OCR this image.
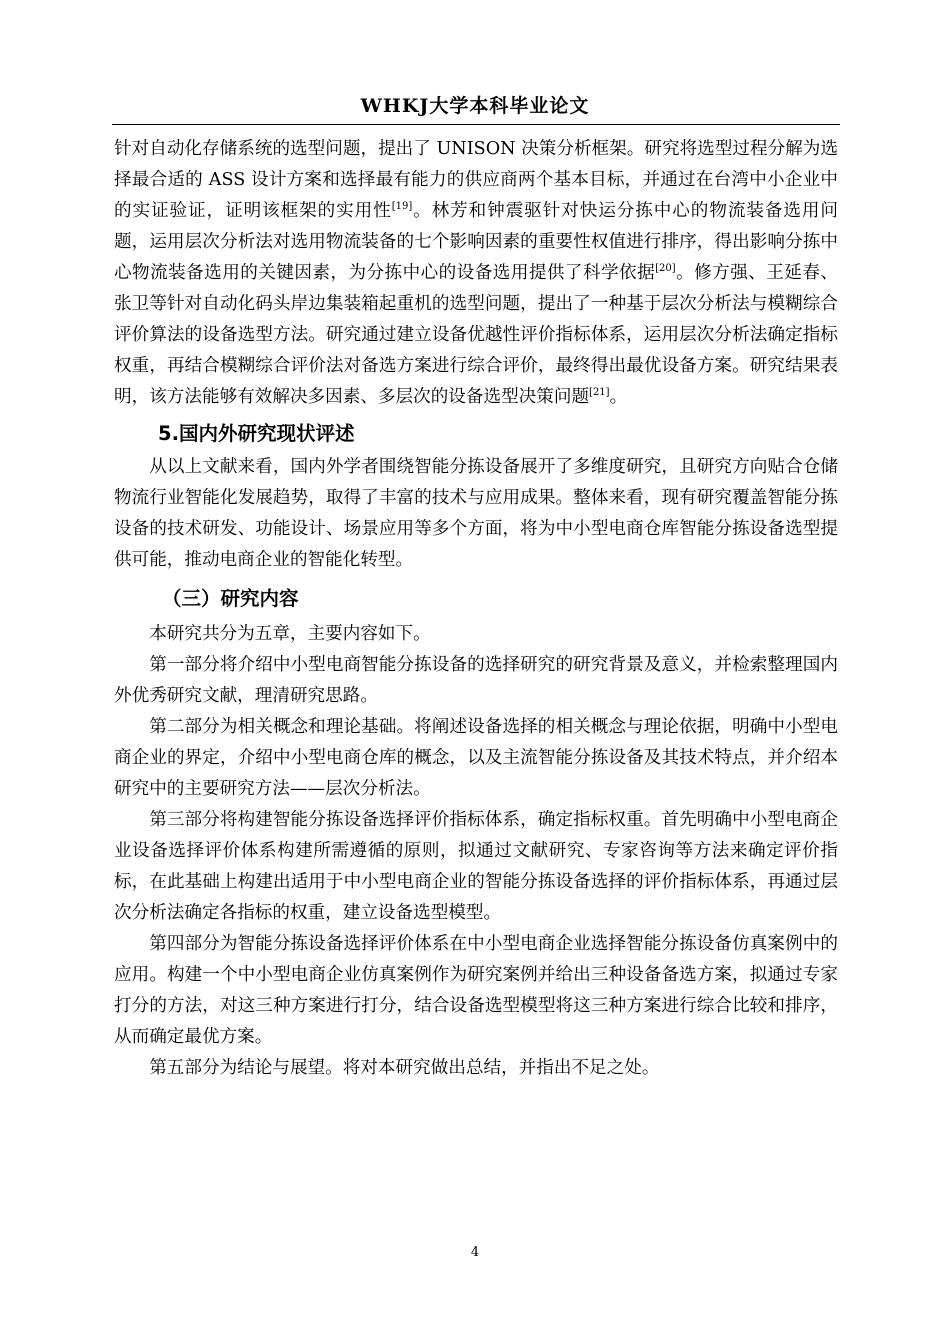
WHKJ大学本科毕业论文

针对自动化存储系统的选型问题，提出了 UNISON 决策分析框架。研究将选型过程分解为选择最合适的 ASS 设计方案和选择最有能力的供应商两个基本目标，并通过在台湾中小企业中的实证验证，证明该框架的实用性[19]。林芳和钟震驱针对快运分拣中心的物流装备选用问题，运用层次分析法对选用物流装备的七个影响因素的重要性权值进行排序，得出影响分拣中心物流装备选用的关键因素，为分拣中心的设备选用提供了科学依据[20]。修方强、王延春、张卫等针对自动化码头岸边集装箱起重机的选型问题，提出了一种基于层次分析法与模糊综合评价算法的设备选型方法。研究通过建立设备优越性评价指标体系，运用层次分析法确定指标权重，再结合模糊综合评价法对备选方案进行综合评价，最终得出最优设备方案。研究结果表明，该方法能够有效解决多因素、多层次的设备选型决策问题[21]。

5.国内外研究现状评述

从以上文献来看，国内外学者围绕智能分拣设备展开了多维度研究，且研究方向贴合仓储物流行业智能化发展趋势，取得了丰富的技术与应用成果。整体来看，现有研究覆盖智能分拣设备的技术研发、功能设计、场景应用等多个方面，将为中小型电商仓库智能分拣设备选型提供可能，推动电商企业的智能化转型。

（三）研究内容

本研究共分为五章，主要内容如下。

第一部分将介绍中小型电商智能分拣设备的选择研究的研究背景及意义，并检索整理国内外优秀研究文献，理清研究思路。

第二部分为相关概念和理论基础。将阐述设备选择的相关概念与理论依据，明确中小型电商企业的界定，介绍中小型电商仓库的概念，以及主流智能分拣设备及其技术特点，并介绍本研究中的主要研究方法——层次分析法。

第三部分将构建智能分拣设备选择评价指标体系，确定指标权重。首先明确中小型电商企业设备选择评价体系构建所需遵循的原则，拟通过文献研究、专家咨询等方法来确定评价指标，在此基础上构建出适用于中小型电商企业的智能分拣设备选择的评价指标体系，再通过层次分析法确定各指标的权重，建立设备选型模型。

第四部分为智能分拣设备选择评价体系在中小型电商企业选择智能分拣设备仿真案例中的应用。构建一个中小型电商企业仿真案例作为研究案例并给出三种设备备选方案，拟通过专家打分的方法，对这三种方案进行打分，结合设备选型模型将这三种方案进行综合比较和排序，从而确定最优方案。

第五部分为结论与展望。将对本研究做出总结，并指出不足之处。

4
